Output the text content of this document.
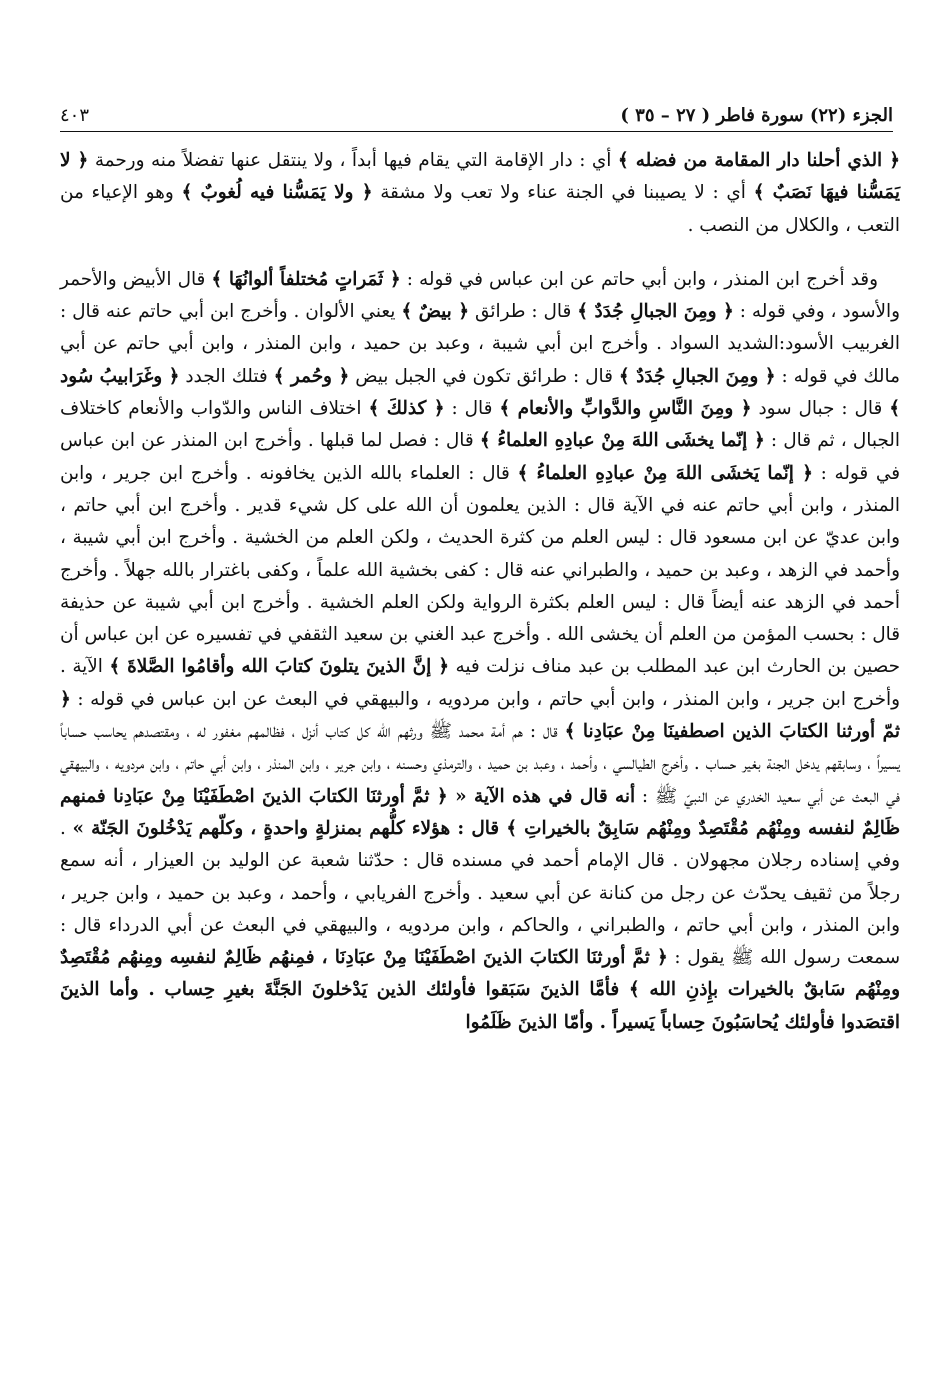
الجزء (٢٢) سورة فاطر ( ٢٧ – ٣٥ )
٤٠٣

﴿ الذي أحلنا دار المقامة من فضله ﴾ أي : دار الإقامة التي يقام فيها أبداً ، ولا ينتقل عنها تفضلاً منه ورحمة ﴿ لا يَمَسُّنا فيهَا نَصَبٌ ﴾ أي : لا يصيبنا في الجنة عناء ولا تعب ولا مشقة ﴿ ولا يَمَسُّنا فيه لُغوبٌ ﴾ وهو الإعياء من التعب ، والكلال من النصب .

وقد أخرج ابن المنذر ، وابن أبي حاتم عن ابن عباس في قوله : ﴿ ثَمَراتٍ مُختلفاً ألوانُهَا ﴾ قال الأبيض والأحمر والأسود ، وفي قوله : ﴿ ومِنَ الجبالِ جُدَدٌ ﴾ قال : طرائق ﴿ بيضٌ ﴾ يعني الألوان . وأخرج ابن أبي حاتم عنه قال : الغربيب الأسود:الشديد السواد . وأخرج ابن أبي شيبة ، وعبد بن حميد ، وابن المنذر ، وابن أبي حاتم عن أبي مالك في قوله : ﴿ ومِنَ الجبالِ جُدَدٌ ﴾ قال : طرائق تكون في الجبل بيض ﴿ وحُمر ﴾ فتلك الجدد ﴿ وغَرَابيبُ سُود ﴾ قال : جبال سود ﴿ ومِنَ النَّاسِ والدَّوابِّ والأنعام ﴾ قال : ﴿ كذلكَ ﴾ اختلاف الناس والدّواب والأنعام كاختلاف الجبال ، ثم قال : ﴿ إنّما يخشَى اللهَ مِنْ عبادِهِ العلماءُ ﴾ قال : فصل لما قبلها . وأخرج ابن المنذر عن ابن عباس في قوله : ﴿ إنّما يَخشَى اللهَ مِنْ عبادِهِ العلماءُ ﴾ قال : العلماء بالله الذين يخافونه . وأخرج ابن جرير ، وابن المنذر ، وابن أبي حاتم عنه في الآية قال : الذين يعلمون أن الله على كل شيء قدير . وأخرج ابن أبي حاتم ، وابن عديّ عن ابن مسعود قال : ليس العلم من كثرة الحديث ، ولكن العلم من الخشية . وأخرج ابن أبي شيبة ، وأحمد في الزهد ، وعبد بن حميد ، والطبراني عنه قال : كفى بخشية الله علماً ، وكفى باغترار بالله جهلاً . وأخرج أحمد في الزهد عنه أيضاً قال : ليس العلم بكثرة الرواية ولكن العلم الخشية . وأخرج ابن أبي شيبة عن حذيفة قال : بحسب المؤمن من العلم أن يخشى الله . وأخرج عبد الغني بن سعيد الثقفي في تفسيره عن ابن عباس أن حصين بن الحارث ابن عبد المطلب بن عبد مناف نزلت فيه ﴿ إنَّ الذينَ يتلونَ كتابَ الله وأقامُوا الصَّلاةَ ﴾ الآية . وأخرج ابن جرير ، وابن المنذر ، وابن أبي حاتم ، وابن مردويه ، والبيهقي في البعث عن ابن عباس في قوله : ﴿ ثمّ أورثنا الكتابَ الذين اصطفينَا مِنْ عبَادِنا ﴾ قال : هم أمة محمد ﷺ ورثهم الله كل كتاب أنزل ، فظالمهم مغفور له ، ومقتصدهم يحاسب حساباً يسيراً ، وسابقهم يدخل الجنة بغير حساب . وأخرج الطيالسي ، وأحمد ، وعبد بن حميد ، والترمذي وحسنه ، وابن جرير ، وابن المنذر ، وابن أبي حاتم ، وابن مردويه ، والبيهقي في البعث عن أبي سعيد الخدري عن النبيّ ﷺ : أنه قال في هذه الآية « ﴿ ثمَّ أورثنَا الكتابَ الذينَ اصْطَفَيْنَا مِنْ عبَادِنا فمنهم ظَالِمٌ لنفسه ومِنْهُم مُقْتَصِدٌ ومِنْهُم سَابِقٌ بالخيراتِ ﴾ قال : هؤلاء كلُّهم بمنزلةٍ واحدةٍ ، وكلّهم يَدْخُلونَ الجَنّة » . وفي إسناده رجلان مجهولان . قال الإمام أحمد في مسنده قال : حدّثنا شعبة عن الوليد بن العيزار ، أنه سمع رجلاً من ثقيف يحدّث عن رجل من كنانة عن أبي سعيد . وأخرج الفريابي ، وأحمد ، وعبد بن حميد ، وابن جرير ، وابن المنذر ، وابن أبي حاتم ، والطبراني ، والحاكم ، وابن مردويه ، والبيهقي في البعث عن أبي الدرداء قال : سمعت رسول الله ﷺ يقول : ﴿ ثمَّ أورثنَا الكتابَ الذينَ اصْطَفَيْنَا مِنْ عبَادِنَا ، فمِنهُم ظَالِمٌ لنفسِه ومِنهُم مُقْتَصِدٌ ومِنْهُم سَابقٌ بالخيرات بإِذنِ الله ﴾ فأمَّا الذينَ سَبَقوا فأولئك الذين يَدْخلونَ الجَنَّةَ بغيرِ حِساب . وأما الذينَ اقتصَدوا فأولئك يُحاسَبُونَ حِساباً يَسيراً . وأمّا الذينَ ظَلَمُوا
